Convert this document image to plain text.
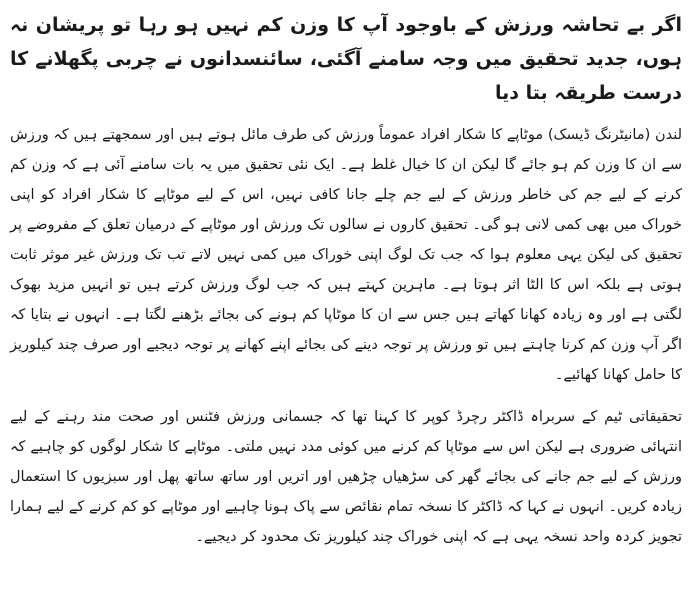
اگر بے تحاشہ ورزش کے باوجود آپ کا وزن کم نہیں ہو رہا تو پریشان نہ ہوں، جدید تحقیق میں وجہ سامنے آگئی، سائنسدانوں نے چربی پگھلانے کا درست طریقہ بتا دیا
لندن (مانیٹرنگ ڈیسک) موٹاپے کا شکار افراد عموماً ورزش کی طرف مائل ہوتے ہیں اور سمجھتے ہیں کہ ورزش سے ان کا وزن کم ہو جائے گا لیکن ان کا خیال غلط ہے۔ ایک نئی تحقیق میں یہ بات سامنے آئی ہے کہ وزن کم کرنے کے لیے جم کی خاطر ورزش کے لیے جم چلے جانا کافی نہیں، اس کے لیے موٹاپے کا شکار افراد کو اپنی خوراک میں بھی کمی لانی ہو گی۔ تحقیق کاروں نے سالوں تک ورزش اور موٹاپے کے درمیان تعلق کے مفروضے پر تحقیق کی لیکن یہی معلوم ہوا کہ جب تک لوگ اپنی خوراک میں کمی نہیں لاتے تب تک ورزش غیر موثر ثابت ہوتی ہے بلکہ اس کا الٹا اثر ہوتا ہے۔ ماہرین کہتے ہیں کہ جب لوگ ورزش کرتے ہیں تو انہیں مزید بھوک لگتی ہے اور وہ زیادہ کھانا کھاتے ہیں جس سے ان کا موٹاپا کم ہونے کی بجائے بڑھنے لگتا ہے۔ انہوں نے بتایا کہ اگر آپ وزن کم کرنا چاہتے ہیں تو ورزش پر توجہ دینے کی بجائے اپنے کھانے پر توجہ دیجیے اور صرف چند کیلوریز کا حامل کھانا کھائیے۔
تحقیقاتی ٹیم کے سربراہ ڈاکٹر رچرڈ کوپر کا کہنا تھا کہ جسمانی ورزش فٹنس اور صحت مند رہنے کے لیے انتہائی ضروری ہے لیکن اس سے موٹاپا کم کرنے میں کوئی مدد نہیں ملتی۔ موٹاپے کا شکار لوگوں کو چاہیے کہ ورزش کے لیے جم جانے کی بجائے گھر کی سڑھیاں چڑھیں اور اتریں اور ساتھ ساتھ پھل اور سبزیوں کا استعمال زیادہ کریں۔ انہوں نے کہا کہ ڈاکٹر کا نسخہ تمام نقائص سے پاک ہونا چاہیے اور موٹاپے کو کم کرنے کے لیے ہمارا تجویز کردہ واحد نسخہ یہی ہے کہ اپنی خوراک چند کیلوریز تک محدود کر دیجیے۔
